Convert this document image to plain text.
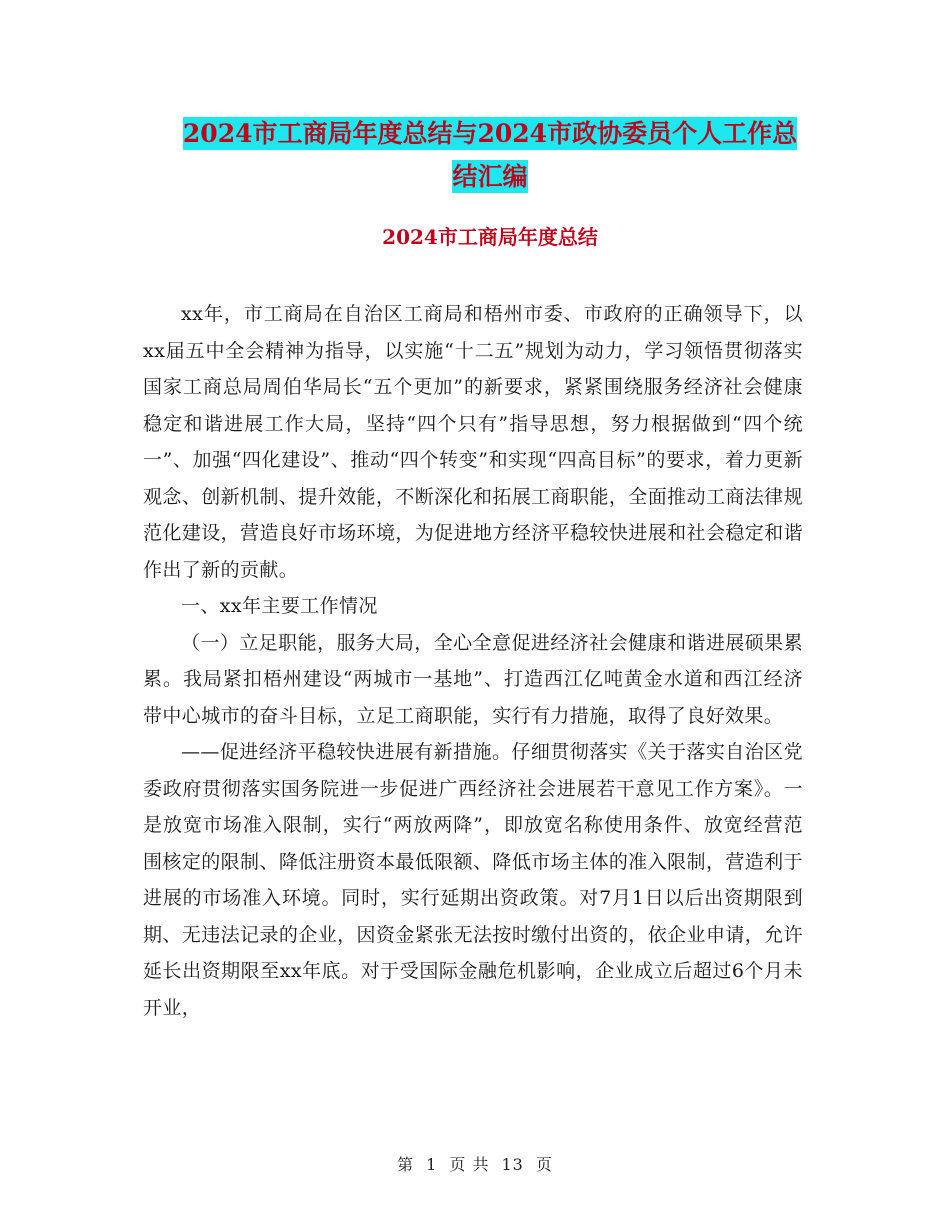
2024市工商局年度总结与2024市政协委员个人工作总
结汇编
2024市工商局年度总结

xx年，市工商局在自治区工商局和梧州市委、市政府的正确领导下，以xx届五中全会精神为指导，以实施“十二五”规划为动力，学习领悟贯彻落实国家工商总局周伯华局长“五个更加”的新要求，紧紧围绕服务经济社会健康稳定和谐进展工作大局，坚持“四个只有”指导思想，努力根据做到“四个统一”、加强“四化建设”、推动“四个转变”和实现“四高目标”的要求，着力更新观念、创新机制、提升效能，不断深化和拓展工商职能，全面推动工商法律规范化建设，营造良好市场环境，为促进地方经济平稳较快进展和社会稳定和谐作出了新的贡献。

一、xx年主要工作情况

（一）立足职能，服务大局，全心全意促进经济社会健康和谐进展硕果累累。我局紧扣梧州建设“两城市一基地”、打造西江亿吨黄金水道和西江经济带中心城市的奋斗目标，立足工商职能，实行有力措施，取得了良好效果。

——促进经济平稳较快进展有新措施。仔细贯彻落实《关于落实自治区党委政府贯彻落实国务院进一步促进广西经济社会进展若干意见工作方案》。一是放宽市场准入限制，实行“两放两降”，即放宽名称使用条件、放宽经营范围核定的限制、降低注册资本最低限额、降低市场主体的准入限制，营造利于进展的市场准入环境。同时，实行延期出资政策。对7月1日以后出资期限到期、无违法记录的企业，因资金紧张无法按时缴付出资的，依企业申请，允许延长出资期限至xx年底。对于受国际金融危机影响，企业成立后超过6个月未开业，

第 1 页 共 13 页
